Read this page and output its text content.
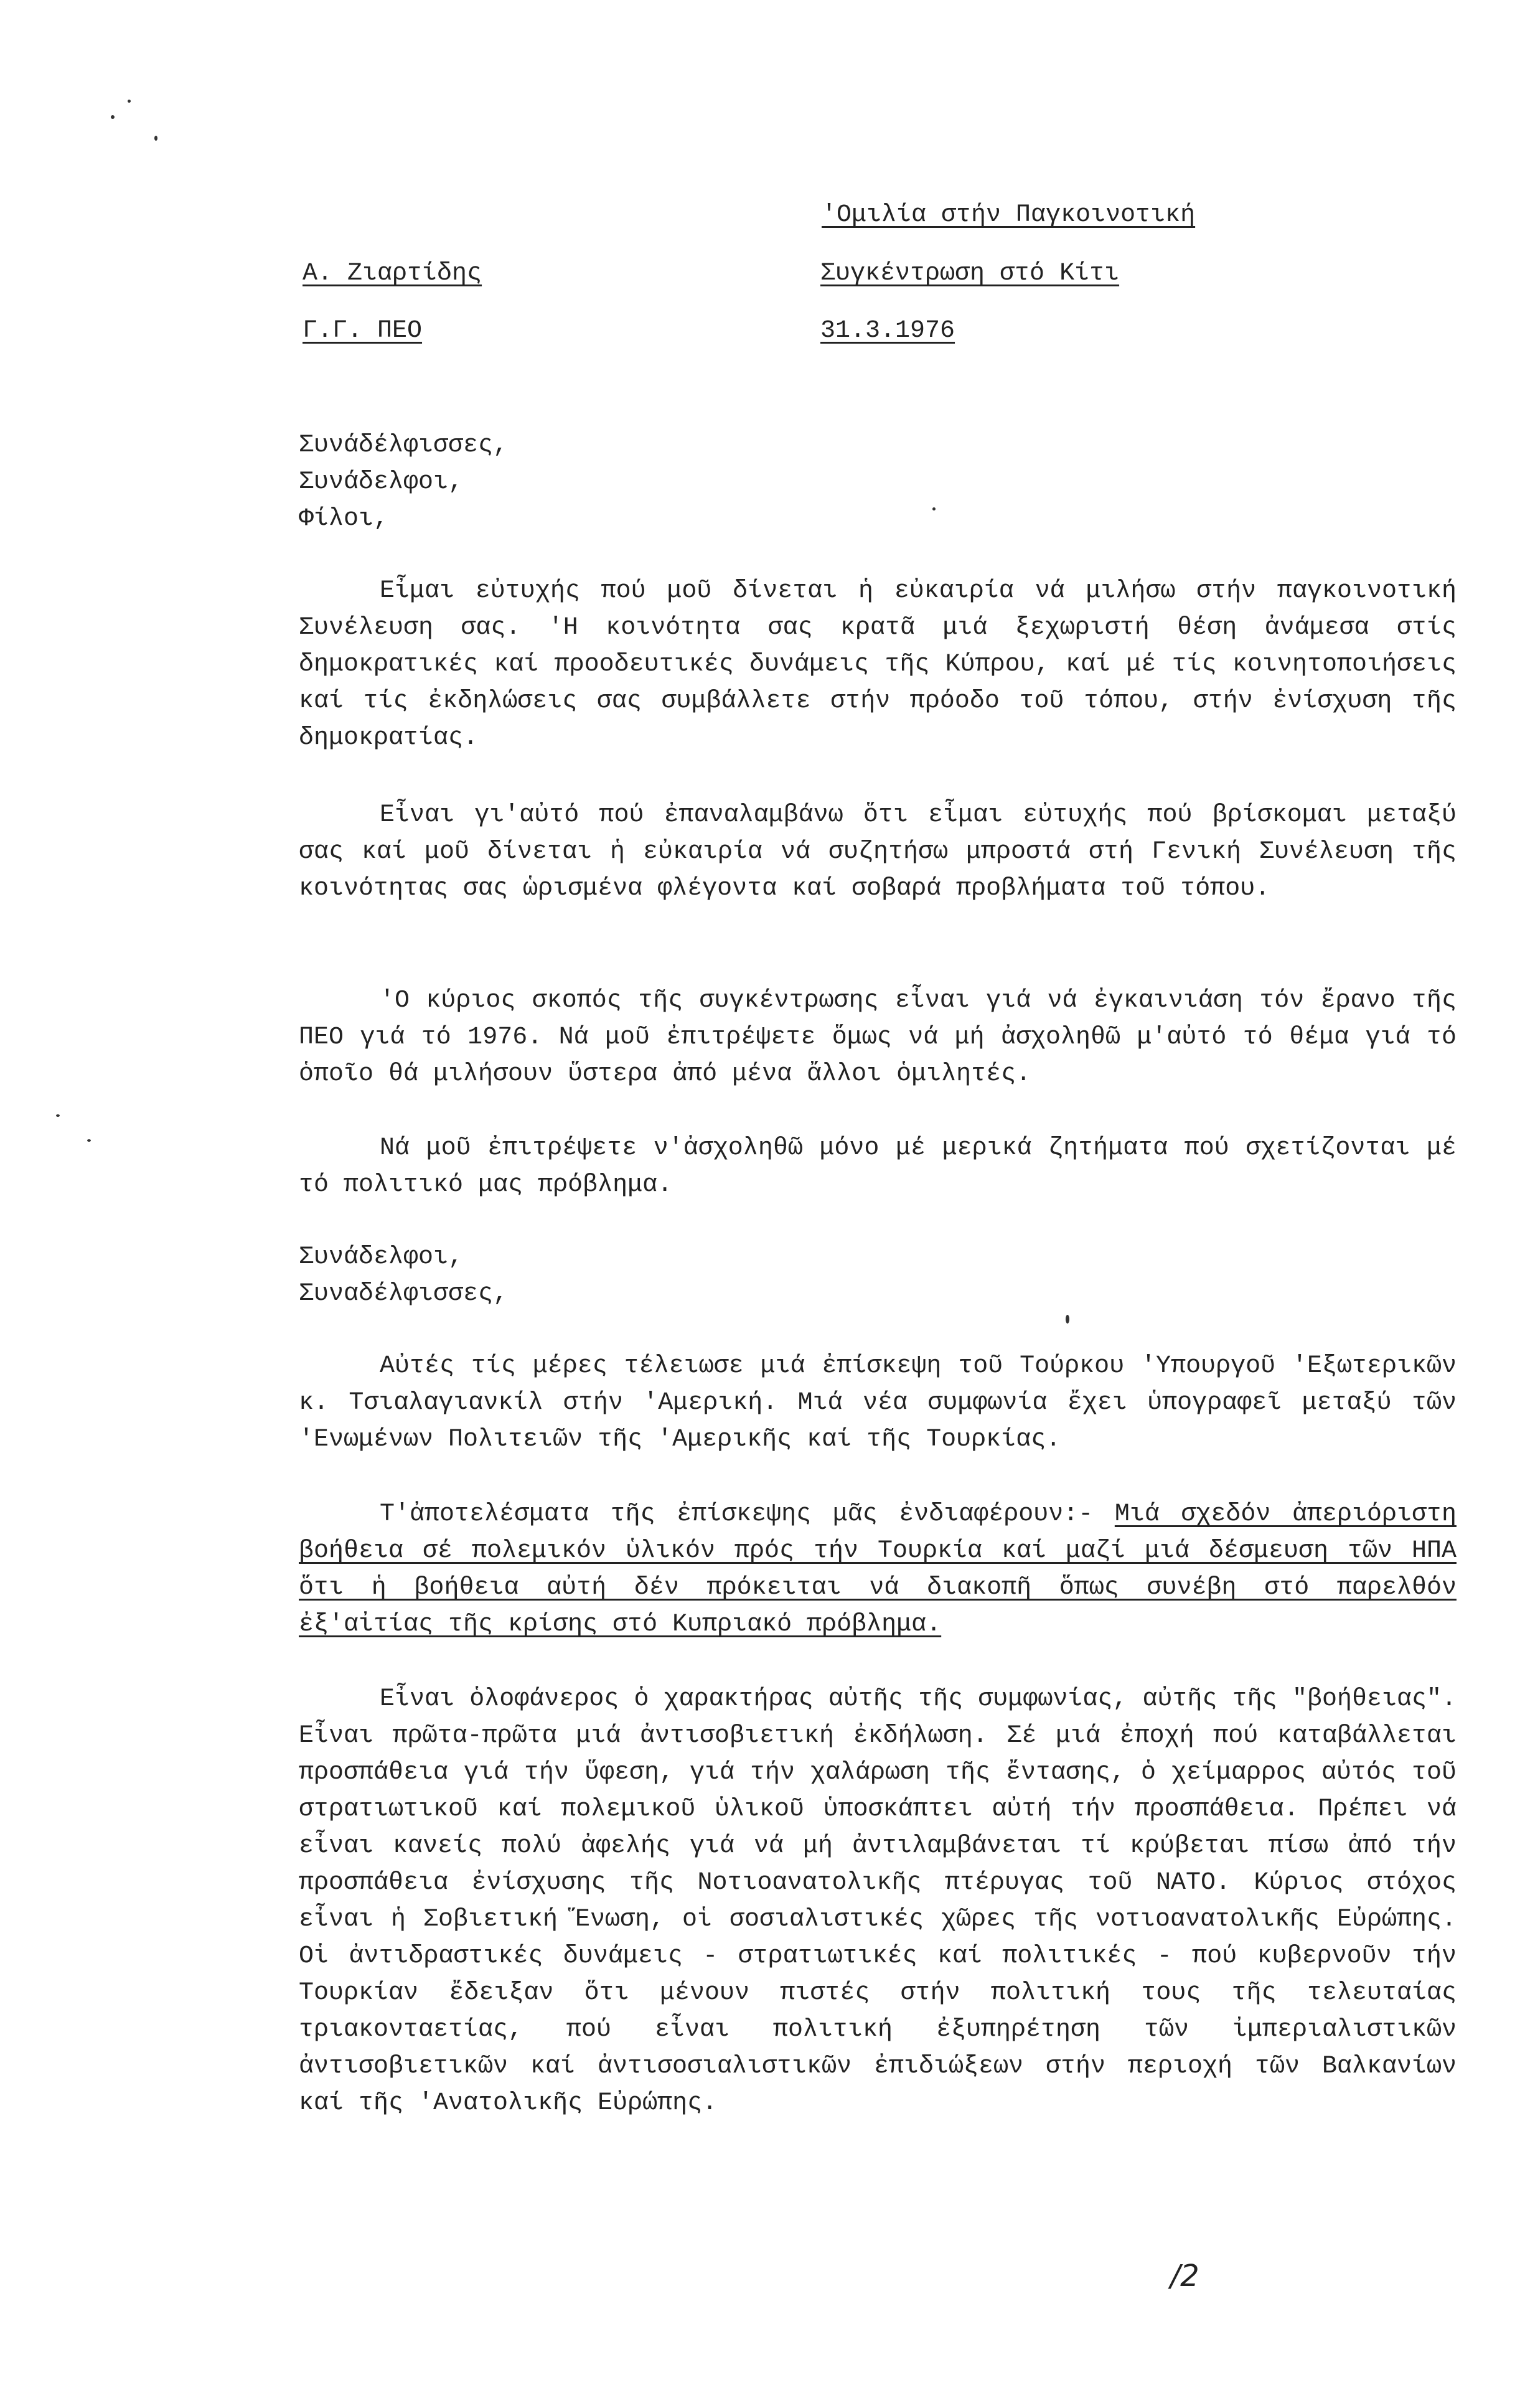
'Ομιλία στήν Παγκοινοτική
Συγκέντρωση στό Κίτι
31.3.1976
Α. Ζιαρτίδης
Γ.Γ. ΠΕΟ

Συνάδέλφισσες,

Συνάδελφοι,

Φίλοι,

Εἶμαι εὐτυχής πού μοῦ δίνεται ἡ εὐκαιρία νά μιλήσω στήν παγκοινοτική Συνέλευση σας. 'Η κοινότητα σας κρατᾶ μιά ξεχωριστή θέση ἀνάμεσα στίς δημοκρατικές καί προοδευτικές δυνάμεις τῆς Κύπρου, καί μέ τίς κοινητοποιήσεις καί τίς ἐκδηλώσεις σας συμβάλλετε στήν πρόοδο τοῦ τόπου, στήν ἐνίσχυση τῆς δημοκρατίας.

Εἶναι γι'αὐτό πού ἐπαναλαμβάνω ὅτι εἶμαι εὐτυχής πού βρίσκομαι μεταξύ σας καί μοῦ δίνεται ἡ εὐκαιρία νά συζητήσω μπροστά στή Γενική Συνέλευση τῆς κοινότητας σας ὡρισμένα φλέγοντα καί σοβαρά προβλήματα τοῦ τόπου.

'Ο κύριος σκοπός τῆς συγκέντρωσης εἶναι γιά νά ἐγκαινιάση τόν ἔρανο τῆς ΠΕΟ γιά τό 1976. Νά μοῦ ἐπιτρέψετε ὅμως νά μή ἀσχοληθῶ μ'αὐτό τό θέμα γιά τό ὁποῖο θά μιλήσουν ὕστερα ἀπό μένα ἄλλοι ὁμιλητές.

Νά μοῦ ἐπιτρέψετε ν'ἀσχοληθῶ μόνο μέ μερικά ζητήματα πού σχετίζονται μέ τό πολιτικό μας πρόβλημα.

Συνάδελφοι,

Συναδέλφισσες,

Αὐτές τίς μέρες τέλειωσε μιά ἐπίσκεψη τοῦ Τούρκου 'Υπουργοῦ 'Εξωτερικῶν κ. Τσιαλαγιανκίλ στήν 'Αμερική. Μιά νέα συμφωνία ἔχει ὑπογραφεῖ μεταξύ τῶν 'Ενωμένων Πολιτειῶν τῆς 'Αμερικῆς καί τῆς Τουρκίας.

Τ'ἀποτελέσματα τῆς ἐπίσκεψης μᾶς ἐνδιαφέρουν:- Μιά σχεδόν ἀπεριόριστη βοήθεια σέ πολεμικόν ὑλικόν πρός τήν Τουρκία καί μαζί μιά δέσμευση τῶν ΗΠΑ ὅτι ἡ βοήθεια αὐτή δέν πρόκειται νά διακοπῆ ὅπως συνέβη στό παρελθόν ἐξ'αἰτίας τῆς κρίσης στό Κυπριακό πρόβλημα.

Εἶναι ὁλοφάνερος ὁ χαρακτήρας αὐτῆς τῆς συμφωνίας, αὐτῆς τῆς "βοήθειας". Εἶναι πρῶτα-πρῶτα μιά ἀντισοβιετική ἐκδήλωση. Σέ μιά ἐποχή πού καταβάλλεται προσπάθεια γιά τήν ὕφεση, γιά τήν χαλάρωση τῆς ἔντασης, ὁ χείμαρρος αὐτός τοῦ στρατιωτικοῦ καί πολεμικοῦ ὑλικοῦ ὑποσκάπτει αὐτή τήν προσπάθεια. Πρέπει νά εἶναι κανείς πολύ ἀφελής γιά νά μή ἀντιλαμβάνεται τί κρύβεται πίσω ἀπό τήν προσπάθεια ἐνίσχυσης τῆς Νοτιοανατολικῆς πτέρυγας τοῦ ΝΑΤΟ. Κύριος στόχος εἶναι ἡ Σοβιετική Ἕνωση, οἱ σοσιαλιστικές χῶρες τῆς νοτιοανατολικῆς Εὐρώπης. Οἱ ἀντιδραστικές δυνάμεις - στρατιωτικές καί πολιτικές - πού κυβερνοῦν τήν Τουρκίαν ἔδειξαν ὅτι μένουν πιστές στήν πολιτική τους τῆς τελευταίας τριακονταετίας, πού εἶναι πολιτική ἐξυπηρέτηση τῶν ἰμπεριαλιστικῶν ἀντισοβιετικῶν καί ἀντισοσιαλιστικῶν ἐπιδιώξεων στήν περιοχή τῶν Βαλκανίων καί τῆς 'Ανατολικῆς Εὐρώπης.

/2
